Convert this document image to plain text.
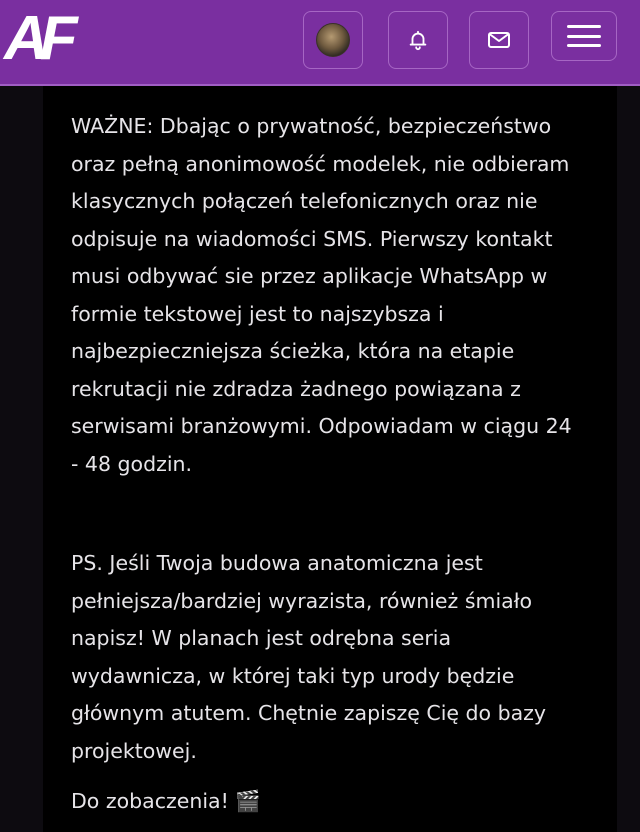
AF

WAŻNE: Dbając o prywatność, bezpieczeństwo
oraz pełną anonimowość modelek, nie odbieram
klasycznych połączeń telefonicznych oraz nie
odpisuje na wiadomości SMS. Pierwszy kontakt
musi odbywać sie przez aplikacje WhatsApp w
formie tekstowej jest to najszybsza i
najbezpieczniejsza ścieżka, która na etapie
rekrutacji nie zdradza żadnego powiązana z
serwisami branżowymi. Odpowiadam w ciągu 24
- 48 godzin.

PS. Jeśli Twoja budowa anatomiczna jest
pełniejsza/bardziej wyrazista, również śmiało
napisz! W planach jest odrębna seria
wydawnicza, w której taki typ urody będzie
głównym atutem. Chętnie zapiszę Cię do bazy
projektowej.

Do zobaczenia! 🎬
